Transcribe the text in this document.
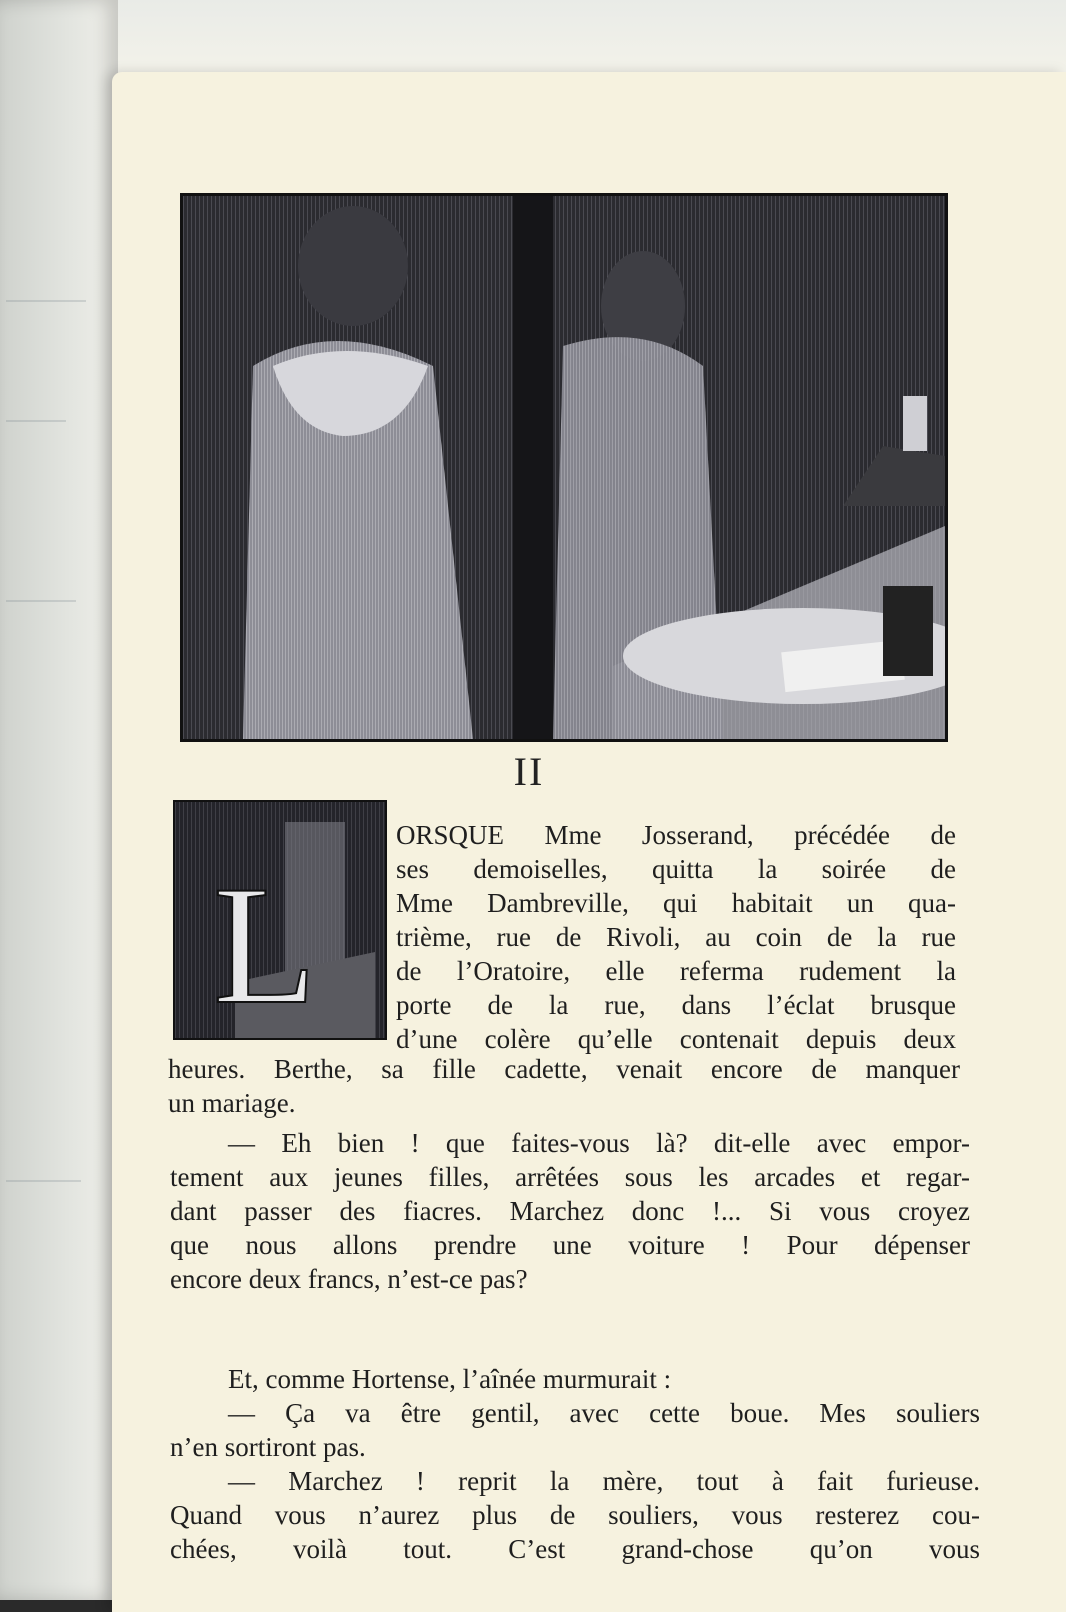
II
L
ORSQUE Mme Josserand, précédée de
ses demoiselles, quitta la soirée de
Mme Dambreville, qui habitait un qua-
trième, rue de Rivoli, au coin de la rue
de l’Oratoire, elle referma rudement la
porte de la rue, dans l’éclat brusque
d’une colère qu’elle contenait depuis deux
heures. Berthe, sa fille cadette, venait encore de manquer
un mariage.
— Eh bien ! que faites-vous là? dit-elle avec empor-
tement aux jeunes filles, arrêtées sous les arcades et regar-
dant passer des fiacres. Marchez donc !... Si vous croyez
que nous allons prendre une voiture ! Pour dépenser
encore deux francs, n’est-ce pas?
Et, comme Hortense, l’aînée murmurait :
— Ça va être gentil, avec cette boue. Mes souliers
n’en sortiront pas.
— Marchez ! reprit la mère, tout à fait furieuse.
Quand vous n’aurez plus de souliers, vous resterez cou-
chées, voilà tout. C’est grand-chose qu’on vous
